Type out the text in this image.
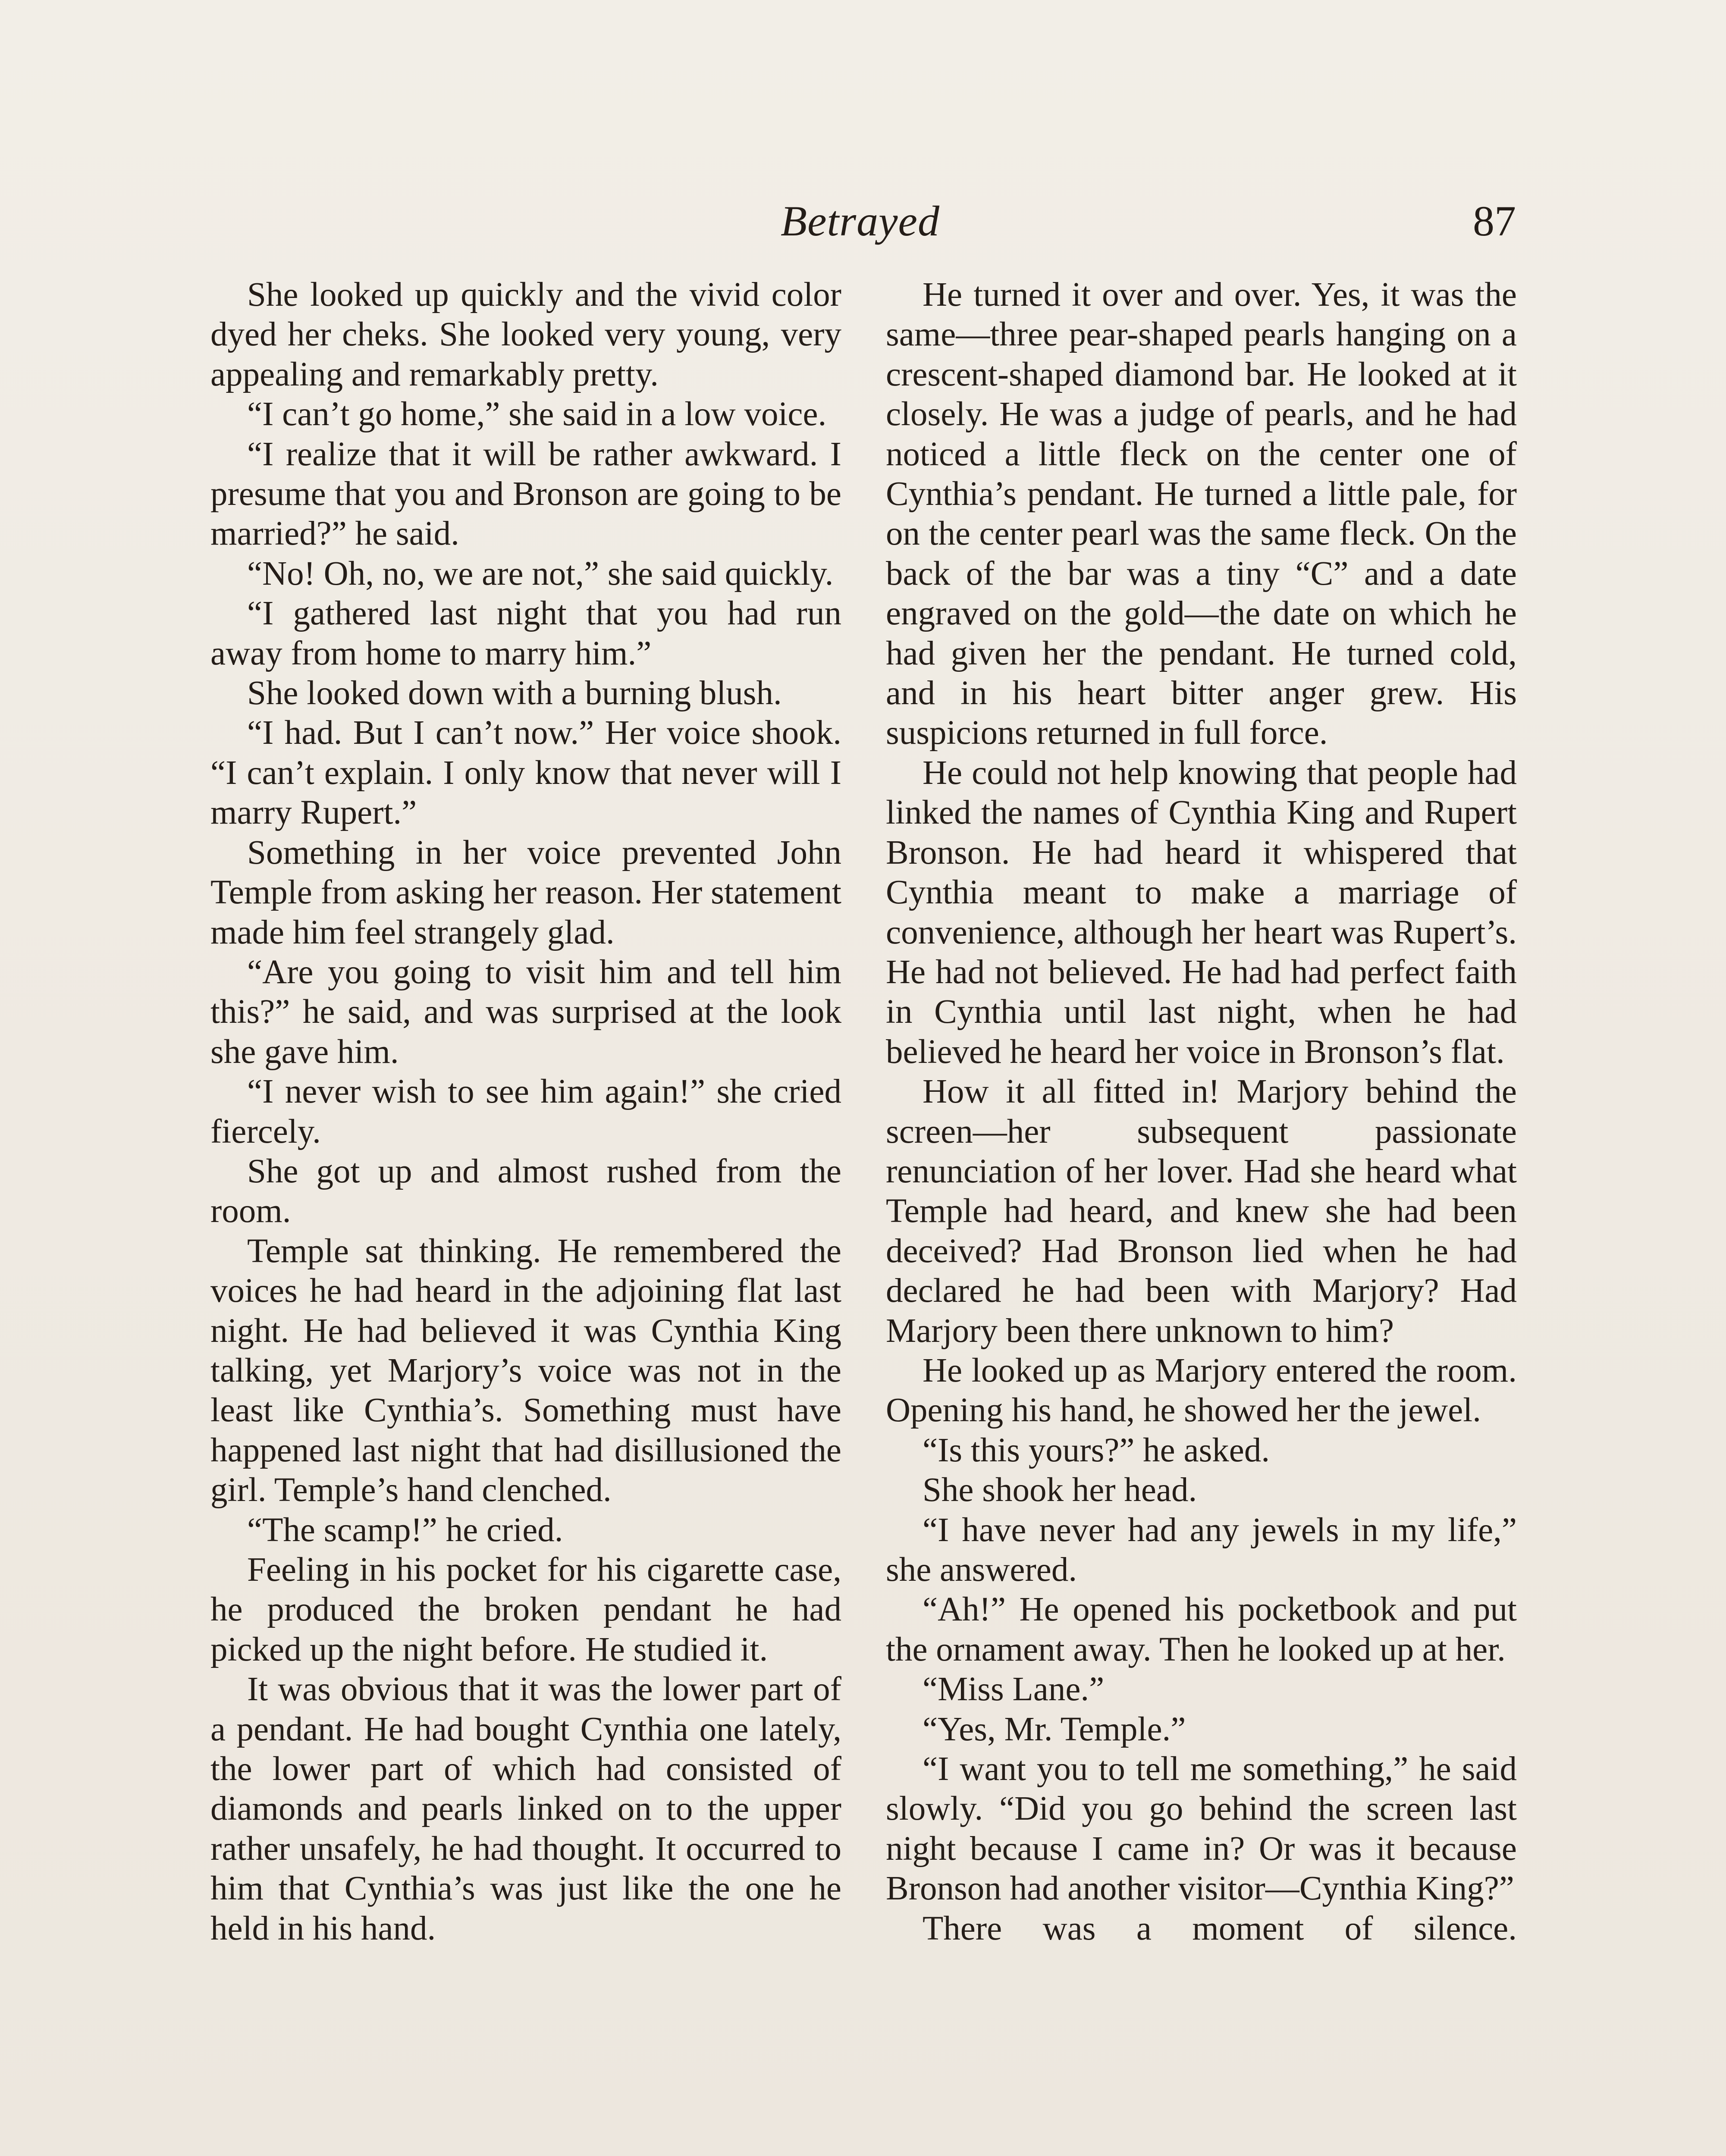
Betrayed	87

She looked up quickly and the vivid color dyed her cheks. She looked very young, very appealing and remarkably pretty.

“I can’t go home,” she said in a low voice.

“I realize that it will be rather awkward. I presume that you and Bronson are going to be married?” he said.

“No! Oh, no, we are not,” she said quickly.

“I gathered last night that you had run away from home to marry him.”

She looked down with a burning blush.

“I had. But I can’t now.” Her voice shook. “I can’t explain. I only know that never will I marry Rupert.”

Something in her voice prevented John Temple from asking her reason. Her statement made him feel strangely glad.

“Are you going to visit him and tell him this?” he said, and was surprised at the look she gave him.

“I never wish to see him again!” she cried fiercely.

She got up and almost rushed from the room.

Temple sat thinking. He remembered the voices he had heard in the adjoining flat last night. He had believed it was Cynthia King talking, yet Marjory’s voice was not in the least like Cynthia’s. Something must have happened last night that had disillusioned the girl. Temple’s hand clenched.

“The scamp!” he cried.

Feeling in his pocket for his cigarette case, he produced the broken pendant he had picked up the night before. He studied it.

It was obvious that it was the lower part of a pendant. He had bought Cynthia one lately, the lower part of which had consisted of diamonds and pearls linked on to the upper rather unsafely, he had thought. It occurred to him that Cynthia’s was just like the one he held in his hand.

He turned it over and over. Yes, it was the same—three pear-shaped pearls hanging on a crescent-shaped diamond bar. He looked at it closely. He was a judge of pearls, and he had noticed a little fleck on the center one of Cynthia’s pendant. He turned a little pale, for on the center pearl was the same fleck. On the back of the bar was a tiny “C” and a date engraved on the gold—the date on which he had given her the pendant. He turned cold, and in his heart bitter anger grew. His suspicions returned in full force.

He could not help knowing that people had linked the names of Cynthia King and Rupert Bronson. He had heard it whispered that Cynthia meant to make a marriage of convenience, although her heart was Rupert’s. He had not believed. He had had perfect faith in Cynthia until last night, when he had believed he heard her voice in Bronson’s flat.

How it all fitted in! Marjory behind the screen—her subsequent passionate renunciation of her lover. Had she heard what Temple had heard, and knew she had been deceived? Had Bronson lied when he had declared he had been with Marjory? Had Marjory been there unknown to him?

He looked up as Marjory entered the room. Opening his hand, he showed her the jewel.

“Is this yours?” he asked.

She shook her head.

“I have never had any jewels in my life,” she answered.

“Ah!” He opened his pocketbook and put the ornament away. Then he looked up at her.

“Miss Lane.”

“Yes, Mr. Temple.”

“I want you to tell me something,” he said slowly. “Did you go behind the screen last night because I came in? Or was it because Bronson had another visitor—Cynthia King?”

There was a moment of silence.
